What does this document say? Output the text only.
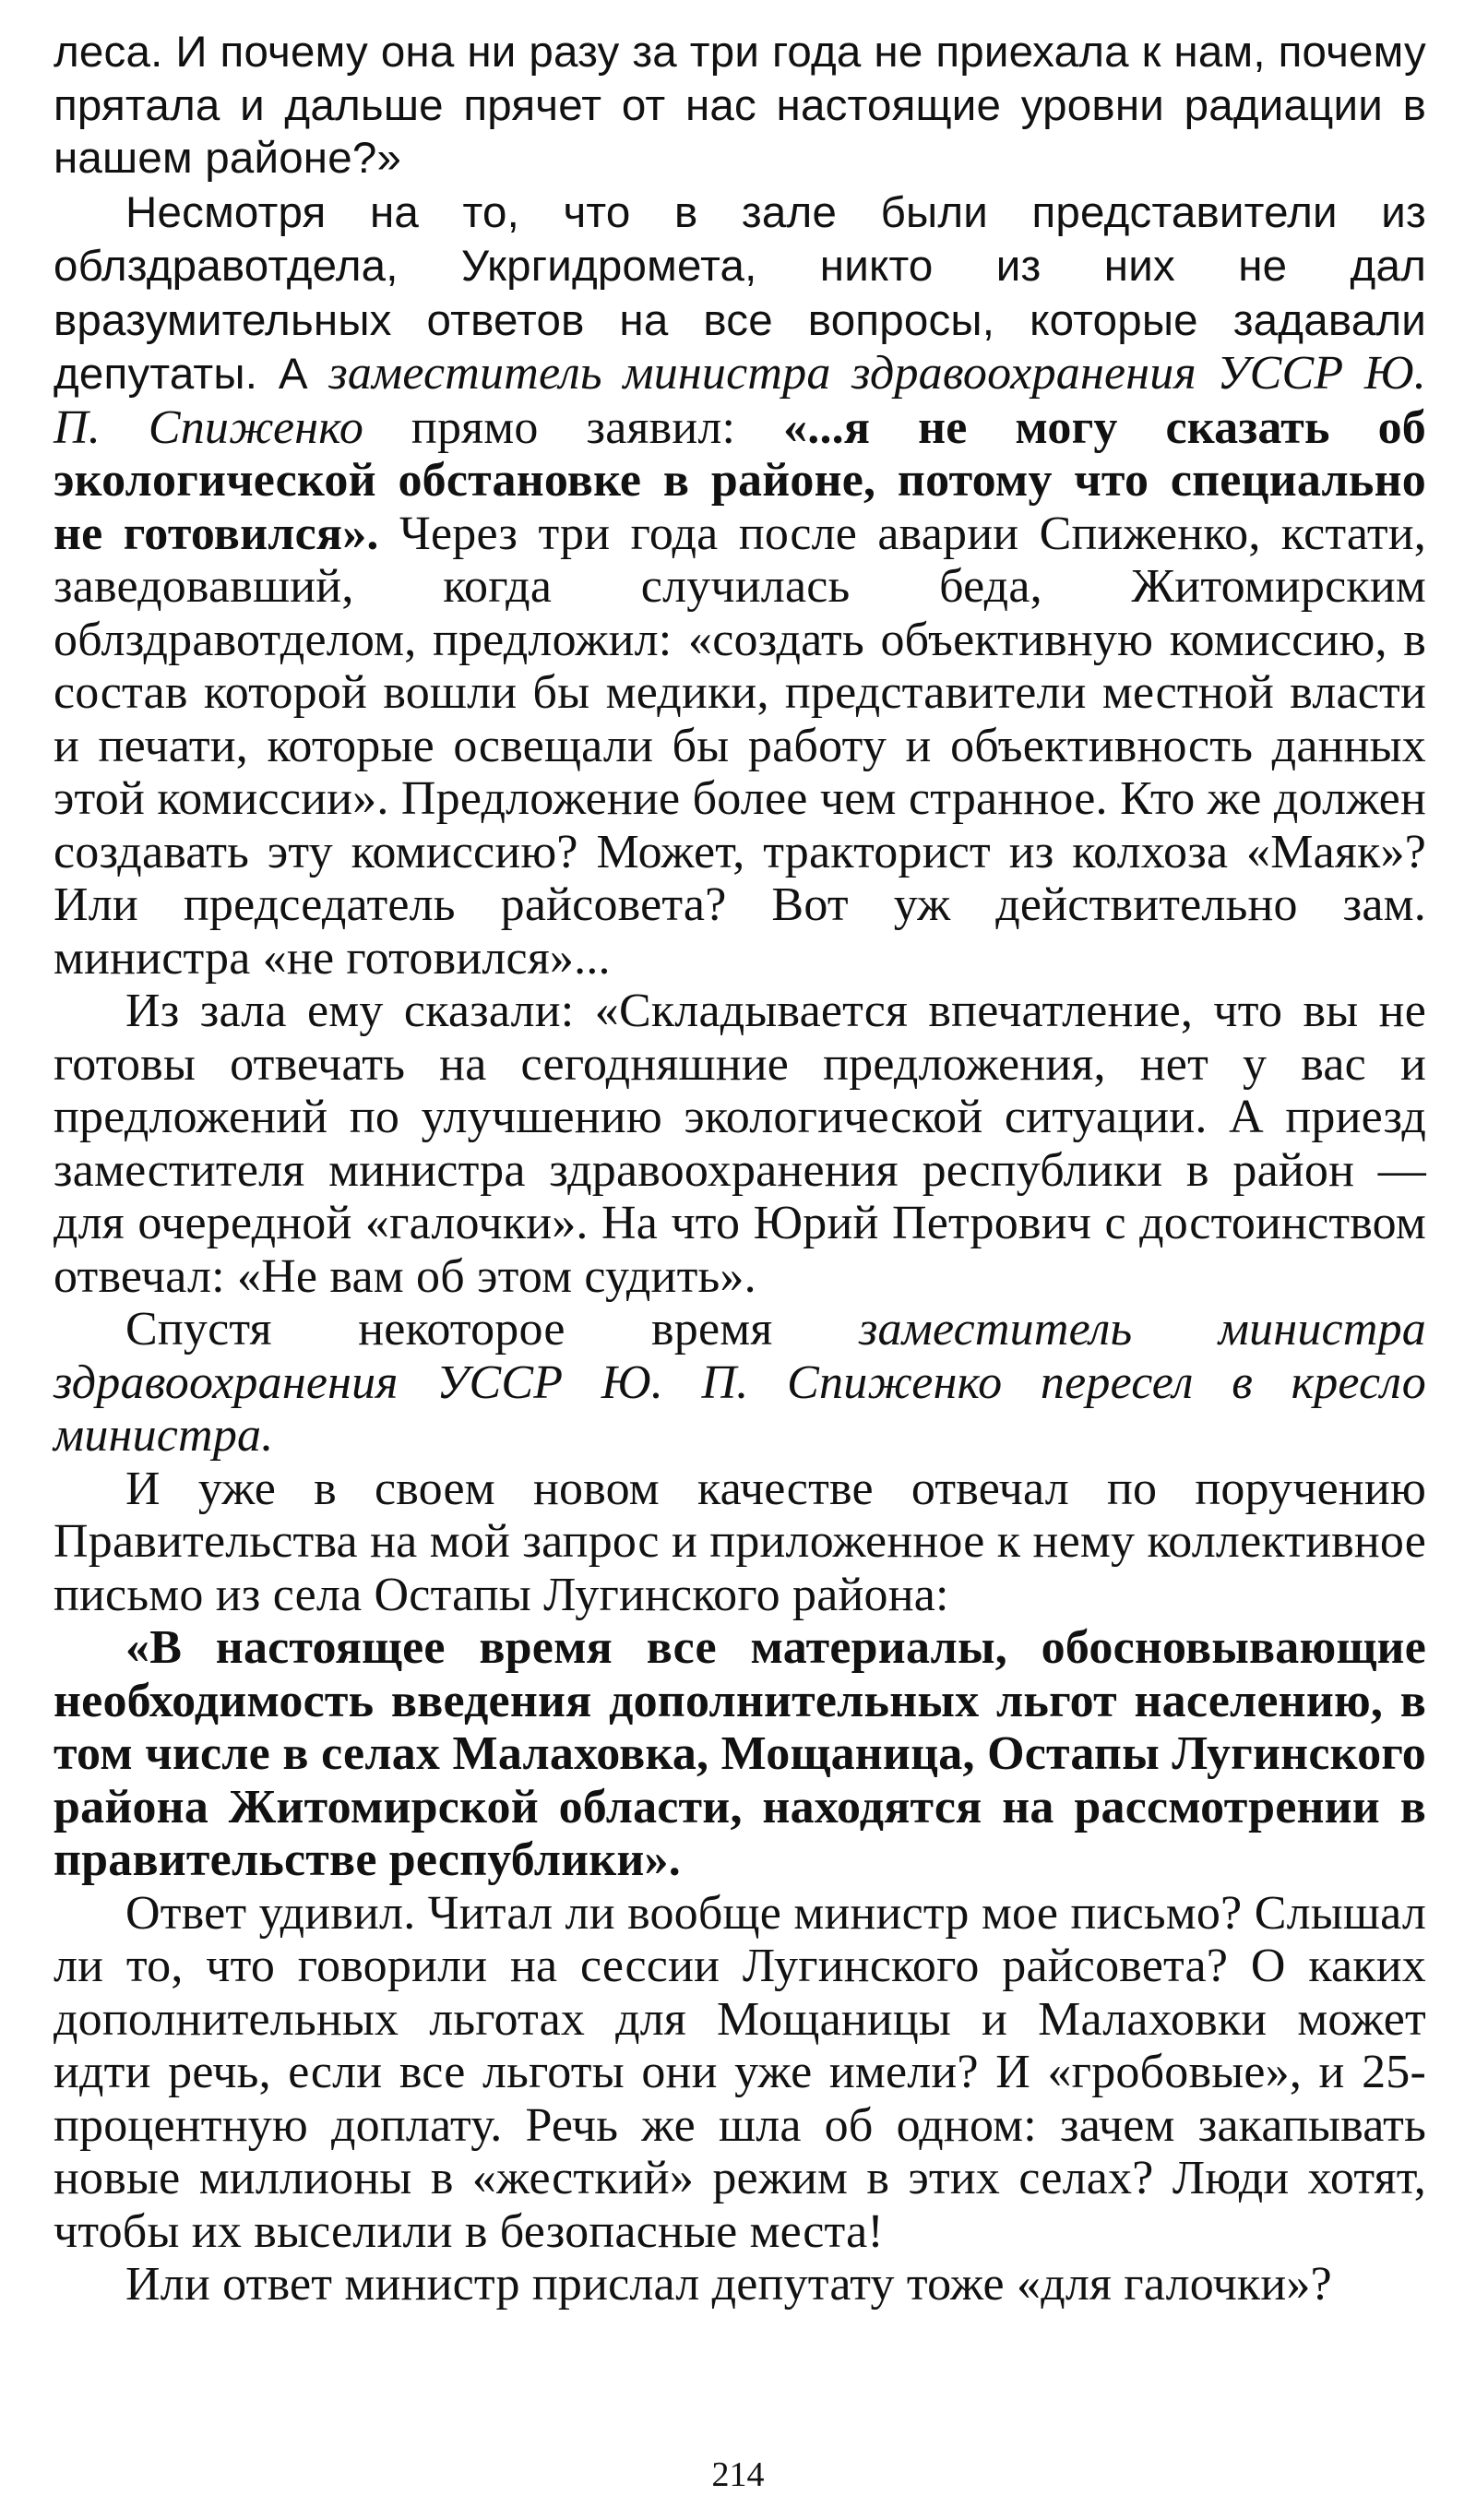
леса. И почему она ни разу за три года не приехала к нам, почему прятала и дальше прячет от нас настоящие уровни радиации в нашем районе?»

Несмотря на то, что в зале были представители из облздравотдела, Укргидромета, никто из них не дал вразумительных ответов на все вопросы, которые задавали депутаты. А заместитель министра здравоохранения УССР Ю. П. Спиженко прямо заявил: «...я не могу сказать об экологической обстановке в районе, потому что специально не готовился». Через три года после аварии Спиженко, кстати, заведовавший, когда случилась беда, Житомирским облздравотделом, предложил: «создать объективную комиссию, в состав которой вошли бы медики, представители местной власти и печати, которые освещали бы работу и объективность данных этой комиссии». Предложение более чем странное. Кто же должен создавать эту комиссию? Может, тракторист из колхоза «Маяк»? Или председатель райсовета? Вот уж действительно зам. министра «не готовился»...

Из зала ему сказали: «Складывается впечатление, что вы не готовы отвечать на сегодняшние предложения, нет у вас и предложений по улучшению экологической ситуации. А приезд заместителя министра здравоохранения республики в район — для очередной «галочки». На что Юрий Петрович с достоинством отвечал: «Не вам об этом судить».

Спустя некоторое время заместитель министра здравоохранения УССР Ю. П. Спиженко пересел в кресло министра.

И уже в своем новом качестве отвечал по поручению Правительства на мой запрос и приложенное к нему коллективное письмо из села Остапы Лугинского района:

«В настоящее время все материалы, обосновывающие необходимость введения дополнительных льгот населению, в том числе в селах Малаховка, Мощаница, Остапы Лугинского района Житомирской области, находятся на рассмотрении в правительстве республики».

Ответ удивил. Читал ли вообще министр мое письмо? Слышал ли то, что говорили на сессии Лугинского райсовета? О каких дополнительных льготах для Мощаницы и Малаховки может идти речь, если все льготы они уже имели? И «гробовые», и 25-процентную доплату. Речь же шла об одном: зачем закапывать новые миллионы в «жесткий» режим в этих селах? Люди хотят, чтобы их выселили в безопасные места!

Или ответ министр прислал депутату тоже «для галочки»?

214
